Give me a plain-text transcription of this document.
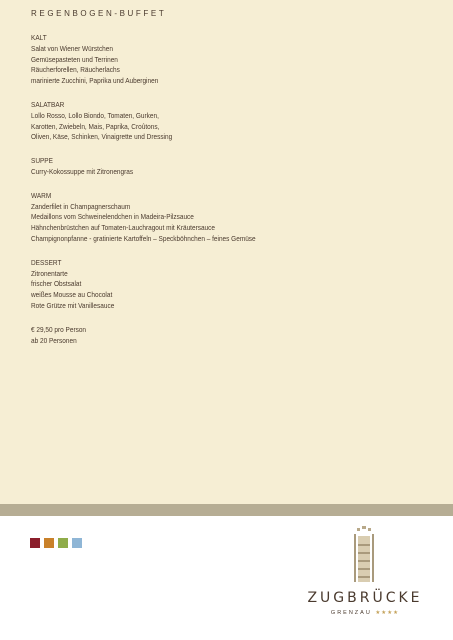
REGENBOGEN-BUFFET
KALT
Salat von Wiener Würstchen
Gemüsepasteten und Terrinen
Räucherforellen, Räucherlachs
marinierte Zucchini, Paprika und Auberginen
SALATBAR
Lollo Rosso, Lollo Biondo, Tomaten, Gurken,
Karotten, Zwiebeln, Mais, Paprika, Croûtons,
Oliven, Käse, Schinken, Vinaigrette und Dressing
SUPPE
Curry-Kokossuppe mit Zitronengras
WARM
Zanderfilet in Champagnerschaum
Medaillons vom Schweinelendchen in Madeira-Pilzsauce
Hähnchenbrüstchen auf Tomaten-Lauchragout mit Kräutersauce
Champignonpfanne - gratinierte Kartoffeln – Speckböhnchen – feines Gemüse
DESSERT
Zitronentarte
frischer Obstsalat
weißes Mousse au Chocolat
Rote Grütze mit Vanillesauce
€ 29,50 pro Person
ab 20 Personen
ZUGBRÜCKE
GRENZAU ★★★★
